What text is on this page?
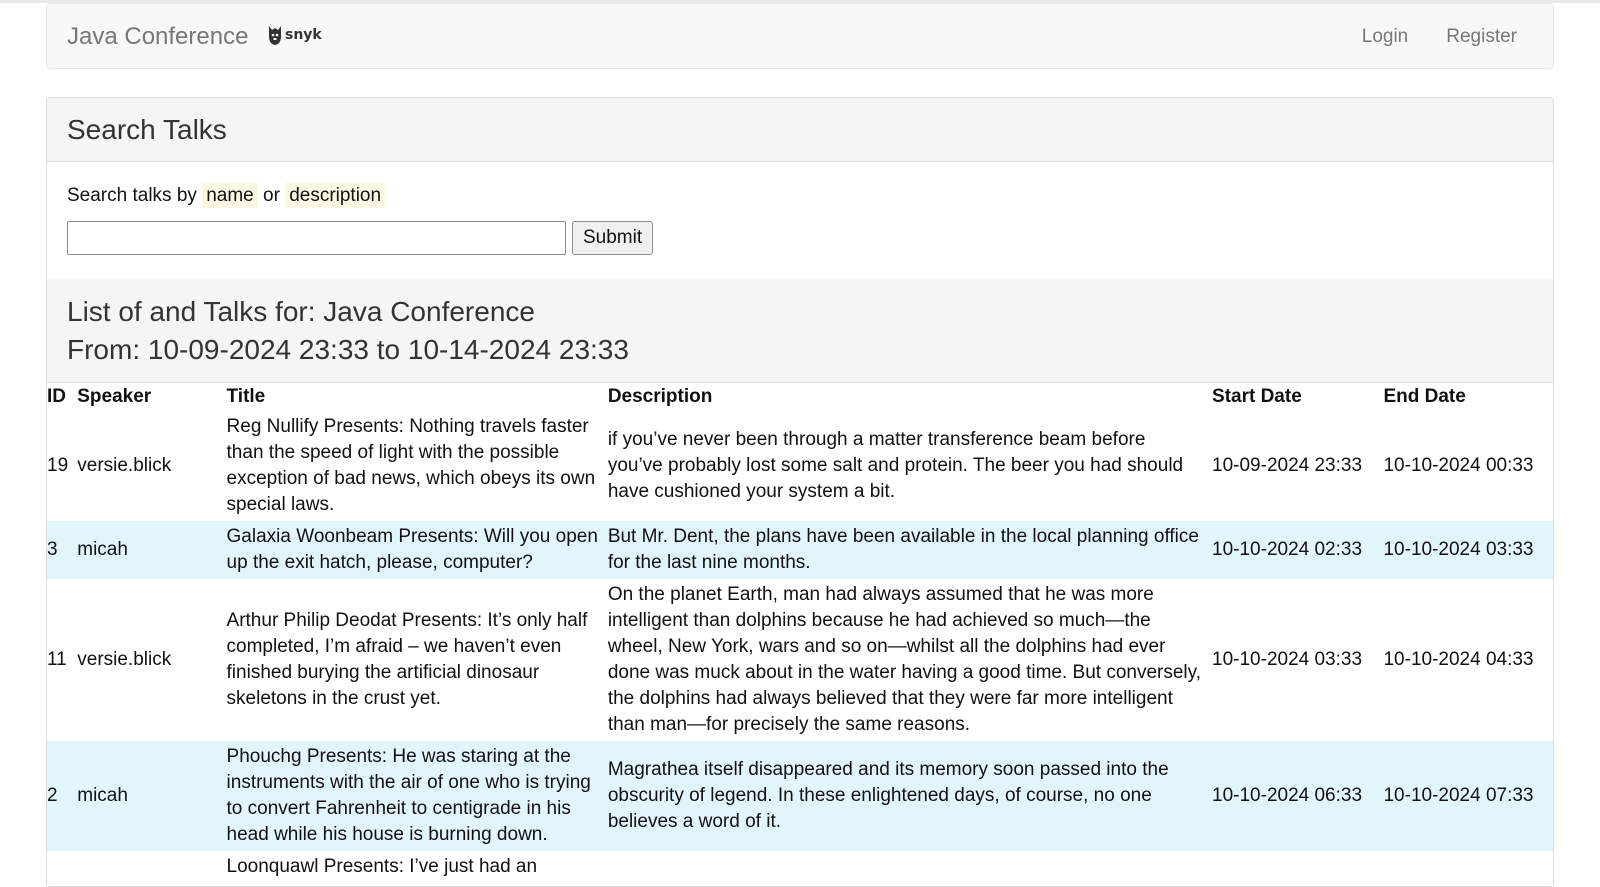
Java Conference	snyk	Login Register
Search Talks
Search talks by name or description
Submit
List of and Talks for: Java Conference
From: 10-09-2024 23:33 to 10-14-2024 23:33
ID	Speaker	Title	Description	Start Date	End Date
19	versie.blick	Reg Nullify Presents: Nothing travels faster than the speed of light with the possible exception of bad news, which obeys its own special laws.	if you’ve never been through a matter transference beam before you’ve probably lost some salt and protein. The beer you had should have cushioned your system a bit.	10-09-2024 23:33	10-10-2024 00:33
3	micah	Galaxia Woonbeam Presents: Will you open up the exit hatch, please, computer?	But Mr. Dent, the plans have been available in the local planning office for the last nine months.	10-10-2024 02:33	10-10-2024 03:33
11	versie.blick	Arthur Philip Deodat Presents: It’s only half completed, I’m afraid – we haven’t even finished burying the artificial dinosaur skeletons in the crust yet.	On the planet Earth, man had always assumed that he was more intelligent than dolphins because he had achieved so much—the wheel, New York, wars and so on—whilst all the dolphins had ever done was muck about in the water having a good time. But conversely, the dolphins had always believed that they were far more intelligent than man—for precisely the same reasons.	10-10-2024 03:33	10-10-2024 04:33
2	micah	Phouchg Presents: He was staring at the instruments with the air of one who is trying to convert Fahrenheit to centigrade in his head while his house is burning down.	Magrathea itself disappeared and its memory soon passed into the obscurity of legend. In these enlightened days, of course, no one believes a word of it.	10-10-2024 06:33	10-10-2024 07:33
		Loonquawl Presents: I’ve just had an			
